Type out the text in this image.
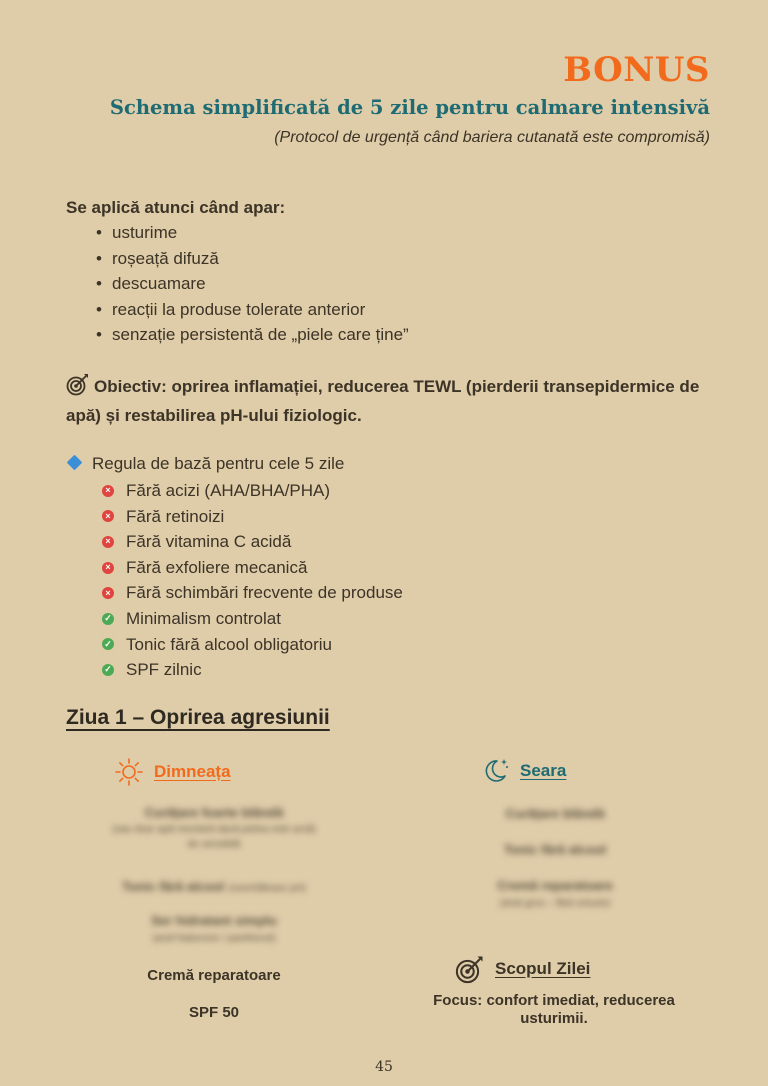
BONUS
Schema simplificată de 5 zile pentru calmare intensivă
(Protocol de urgență când bariera cutanată este compromisă)
Se aplică atunci când apar:
• usturime
• roșeață difuză
• descuamare
• reacții la produse tolerate anterior
• senzație persistentă de „piele care ține”
Obiectiv: oprirea inflamației, reducerea TEWL (pierderii transepidermice de apă) și restabilirea pH-ului fiziologic.
Regula de bază pentru cele 5 zile
× Fără acizi (AHA/BHA/PHA)
× Fără retinoizi
× Fără vitamina C acidă
× Fără exfoliere mecanică
× Fără schimbări frecvente de produse
✓ Minimalism controlat
✓ Tonic fără alcool obligatoriu
✓ SPF zilnic
Ziua 1 – Oprirea agresiunii
Dimneața
Curățare foarte blândă
(sau doar apă micelară dacă pielea este arsă)
de sensibilă
Tonic fără alcool (reechilibrare pH)
Ser hidratant simplu
(acid hialuronic / panthenol)
Cremă reparatoare
SPF 50
Seara
Curățare blândă
Tonic fără alcool
Cremă reparatoare
(strat gros ‒ fără ocluzie)
Scopul Zilei
Focus: confort imediat, reducerea usturimii.
45
